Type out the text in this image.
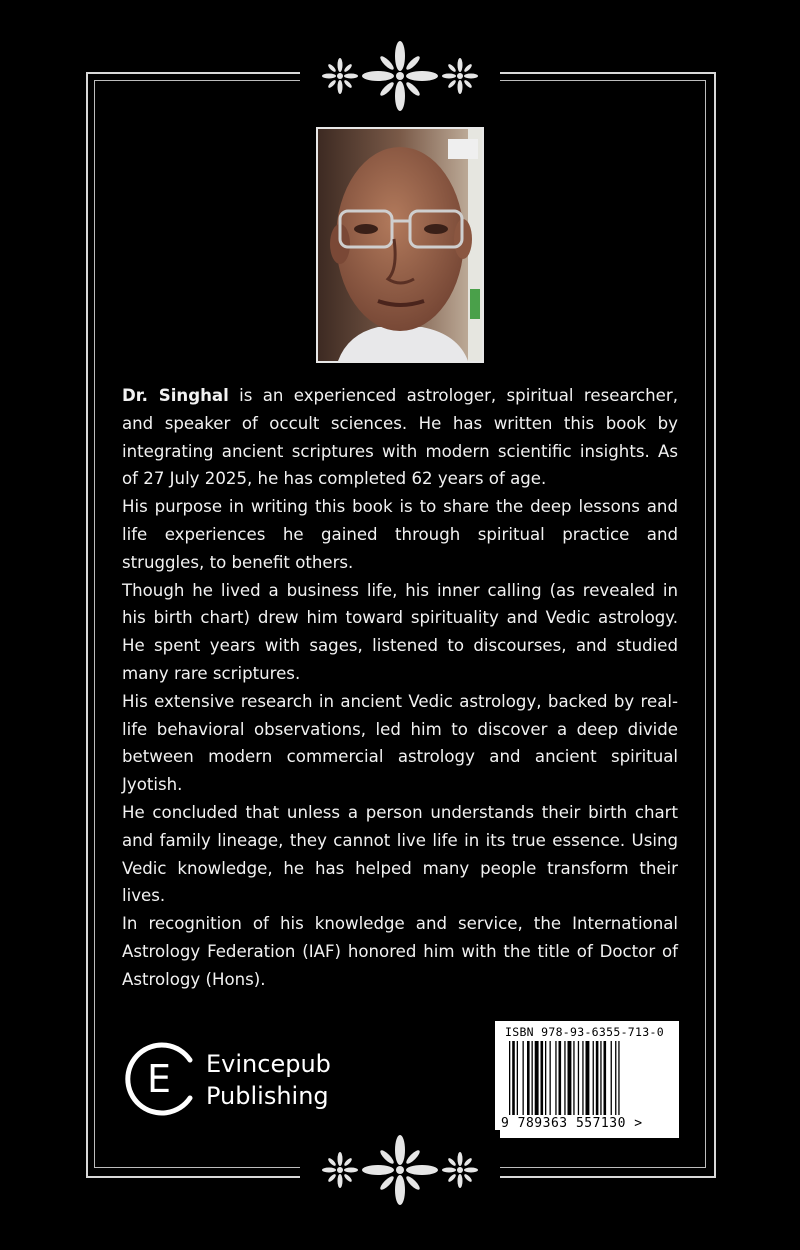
Dr. Singhal is an experienced astrologer, spiritual researcher, and speaker of occult sciences. He has written this book by integrating ancient scriptures with modern scientific insights. As of 27 July 2025, he has completed 62 years of age.

His purpose in writing this book is to share the deep lessons and life experiences he gained through spiritual practice and struggles, to benefit others.

Though he lived a business life, his inner calling (as revealed in his birth chart) drew him toward spirituality and Vedic astrology. He spent years with sages, listened to discourses, and studied many rare scriptures.

His extensive research in ancient Vedic astrology, backed by real-life behavioral observations, led him to discover a deep divide between modern commercial astrology and ancient spiritual Jyotish.

He concluded that unless a person understands their birth chart and family lineage, they cannot live life in its true essence. Using Vedic knowledge, he has helped many people transform their lives.

In recognition of his knowledge and service, the International Astrology Federation (IAF) honored him with the title of Doctor of Astrology (Hons).

E Evincepub
Publishing
ISBN 978-93-6355-713-0
9 789363 557130 >
